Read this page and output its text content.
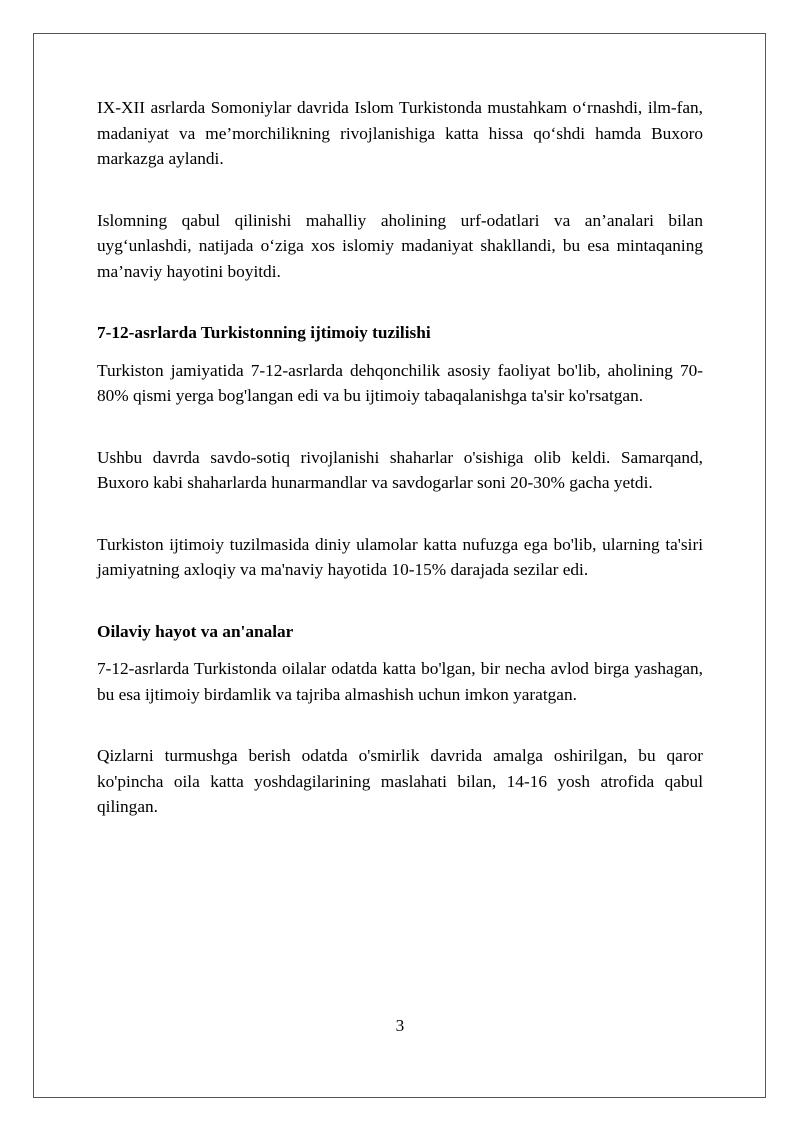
IX-XII asrlarda Somoniylar davrida Islom Turkistonda mustahkam o‘rnashdi, ilm-fan, madaniyat va me’morchilikning rivojlanishiga katta hissa qo‘shdi hamda Buxoro markazga aylandi.

Islomning qabul qilinishi mahalliy aholining urf-odatlari va an’analari bilan uyg‘unlashdi, natijada o‘ziga xos islomiy madaniyat shakllandi, bu esa mintaqaning ma’naviy hayotini boyitdi.

7-12-asrlarda Turkistonning ijtimoiy tuzilishi

Turkiston jamiyatida 7-12-asrlarda dehqonchilik asosiy faoliyat bo'lib, aholining 70-80% qismi yerga bog'langan edi va bu ijtimoiy tabaqalanishga ta'sir ko'rsatgan.

Ushbu davrda savdo-sotiq rivojlanishi shaharlar o'sishiga olib keldi. Samarqand, Buxoro kabi shaharlarda hunarmandlar va savdogarlar soni 20-30% gacha yetdi.

Turkiston ijtimoiy tuzilmasida diniy ulamolar katta nufuzga ega bo'lib, ularning ta'siri jamiyatning axloqiy va ma'naviy hayotida 10-15% darajada sezilar edi.

Oilaviy hayot va an'analar

7-12-asrlarda Turkistonda oilalar odatda katta bo'lgan, bir necha avlod birga yashagan, bu esa ijtimoiy birdamlik va tajriba almashish uchun imkon yaratgan.

Qizlarni turmushga berish odatda o'smirlik davrida amalga oshirilgan, bu qaror ko'pincha oila katta yoshdagilarining maslahati bilan, 14-16 yosh atrofida qabul qilingan.

3
